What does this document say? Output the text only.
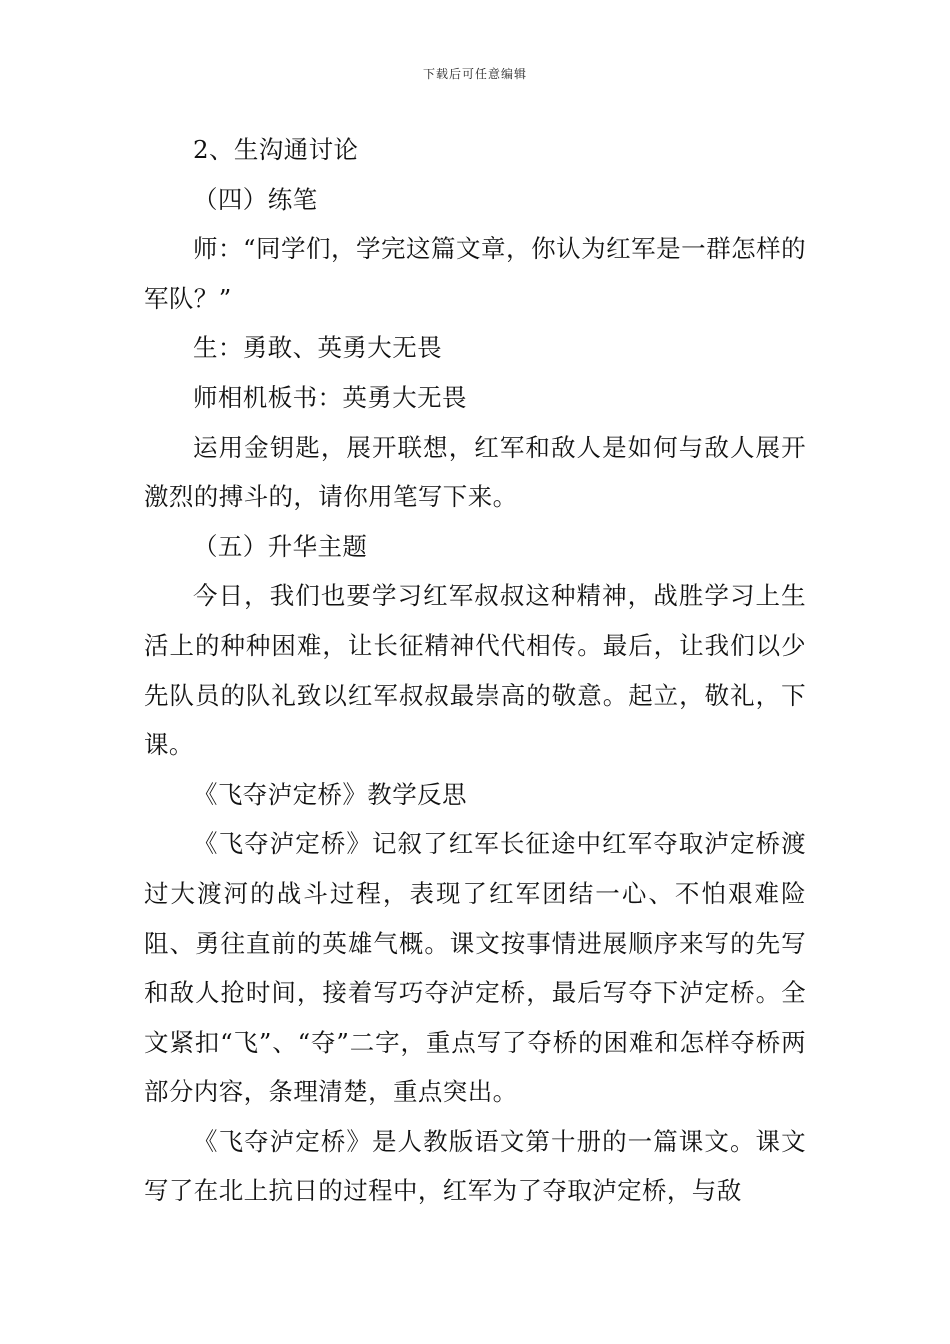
下载后可任意编辑

2、生沟通讨论

（四）练笔

师：“同学们，学完这篇文章，你认为红军是一群怎样的军队？”

生：勇敢、英勇大无畏

师相机板书：英勇大无畏

运用金钥匙，展开联想，红军和敌人是如何与敌人展开激烈的搏斗的，请你用笔写下来。

（五）升华主题

今日，我们也要学习红军叔叔这种精神，战胜学习上生活上的种种困难，让长征精神代代相传。最后，让我们以少先队员的队礼致以红军叔叔最崇高的敬意。起立，敬礼，下课。

《飞夺泸定桥》教学反思

《飞夺泸定桥》记叙了红军长征途中红军夺取泸定桥渡过大渡河的战斗过程，表现了红军团结一心、不怕艰难险阻、勇往直前的英雄气概。课文按事情进展顺序来写的先写和敌人抢时间，接着写巧夺泸定桥，最后写夺下泸定桥。全文紧扣“飞”、“夺”二字，重点写了夺桥的困难和怎样夺桥两部分内容，条理清楚，重点突出。

《飞夺泸定桥》是人教版语文第十册的一篇课文。课文写了在北上抗日的过程中，红军为了夺取泸定桥，与敌
